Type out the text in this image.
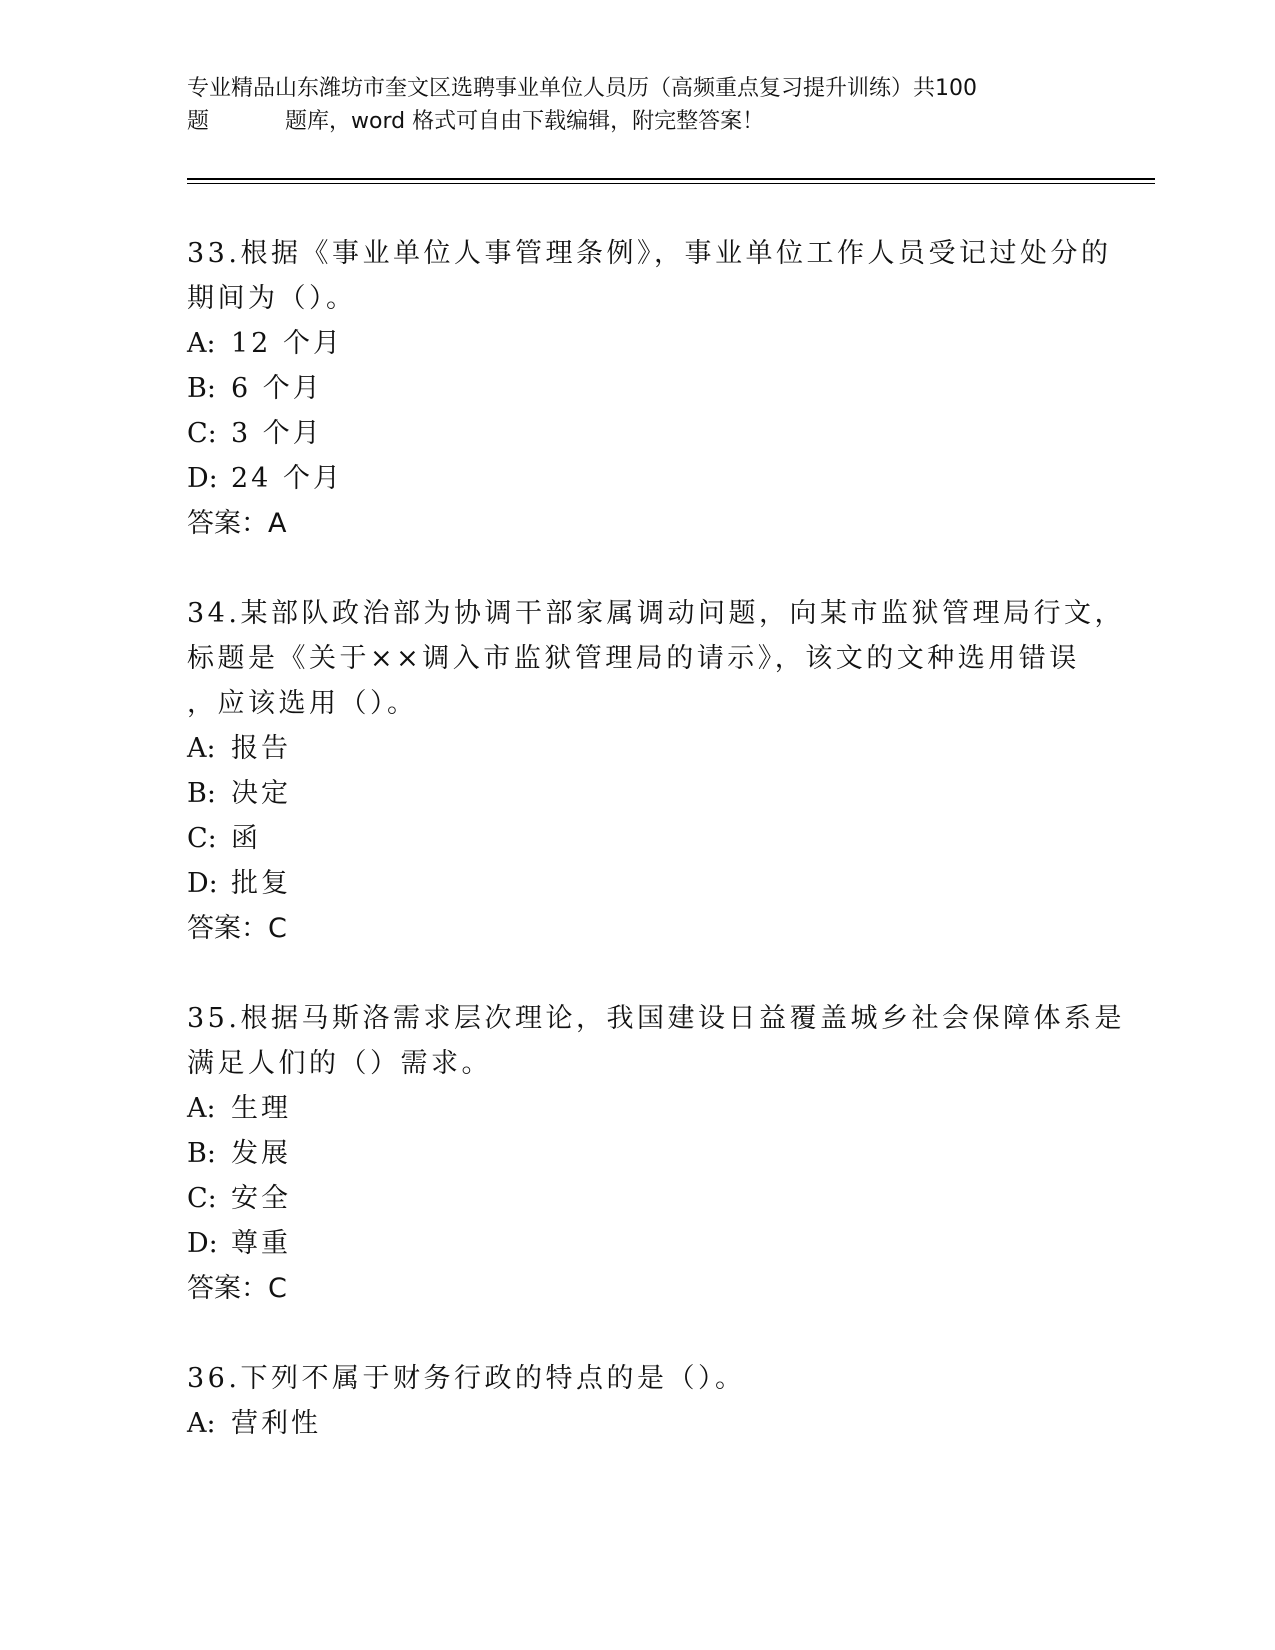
专业精品山东潍坊市奎文区选聘事业单位人员历（高频重点复习提升训练）共100
题	题库，word 格式可自由下载编辑，附完整答案！
33.根据《事业单位人事管理条例》，事业单位工作人员受记过处分的
期间为（）。
A: 12 个月
B: 6 个月
C: 3 个月
D: 24 个月
答案：A
34.某部队政治部为协调干部家属调动问题，向某市监狱管理局行文，
标题是《关于××调入市监狱管理局的请示》，该文的文种选用错误
，应该选用（）。
A: 报告
B: 决定
C: 函
D: 批复
答案：C
35.根据马斯洛需求层次理论，我国建设日益覆盖城乡社会保障体系是
满足人们的（）需求。
A: 生理
B: 发展
C: 安全
D: 尊重
答案：C
36.下列不属于财务行政的特点的是（）。
A: 营利性
